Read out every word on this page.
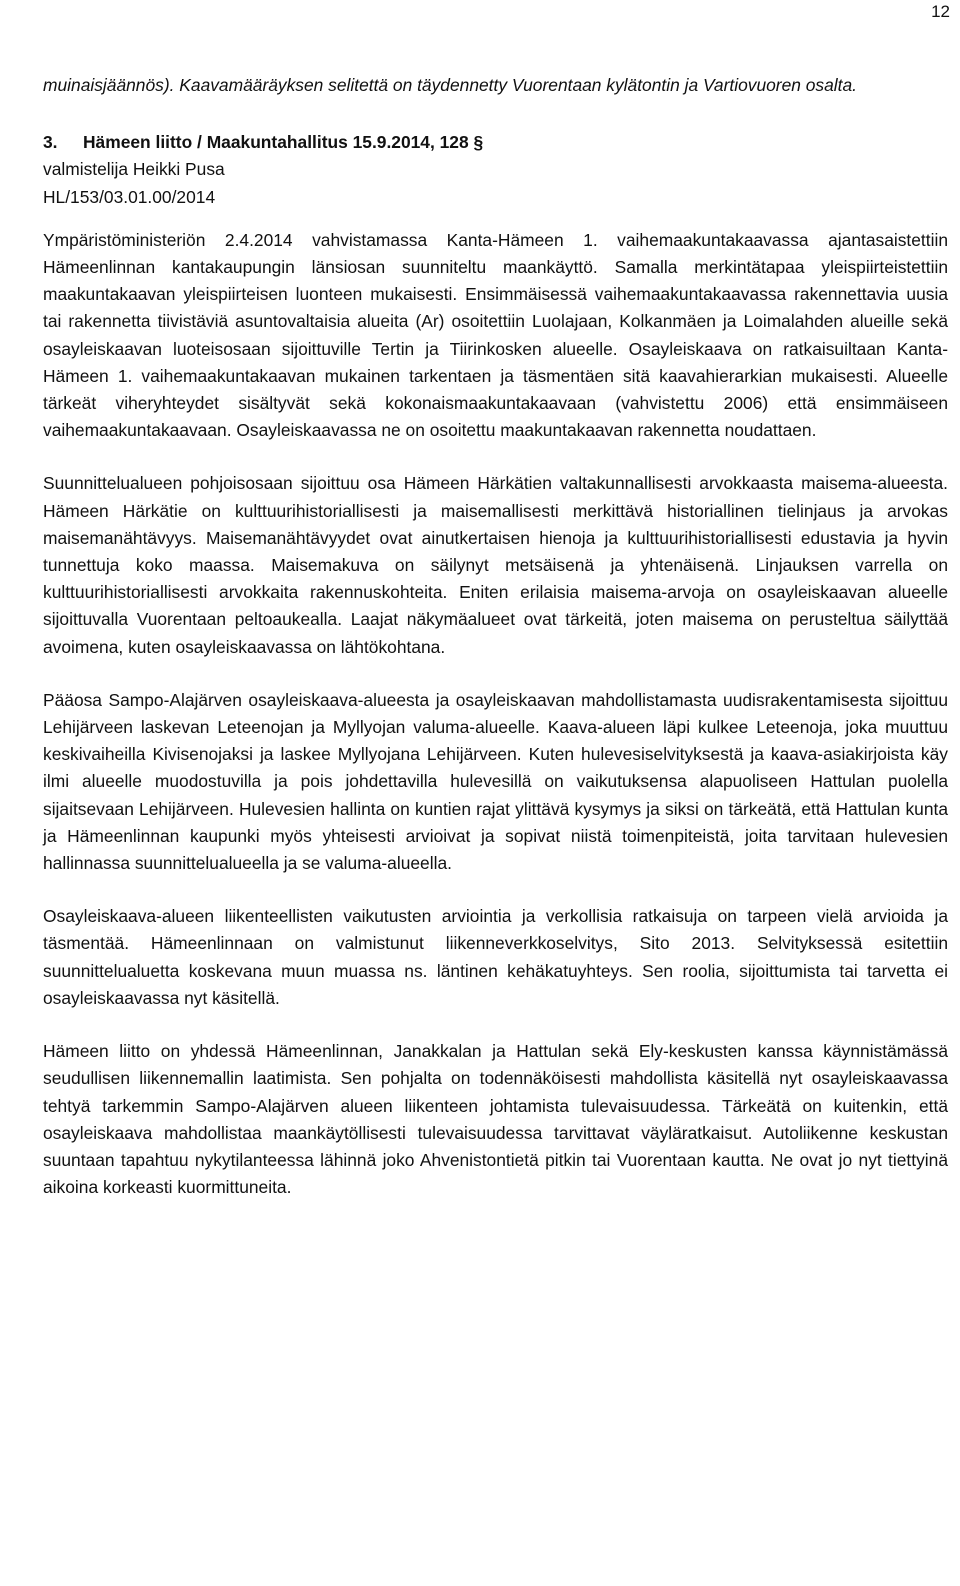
12

muinaisjäännös). Kaavamääräyksen selitettä on täydennetty Vuorentaan kylätontin ja Vartiovuoren osalta.

3.	Hämeen liitto / Maakuntahallitus 15.9.2014, 128 §
valmistelija Heikki Pusa
HL/153/03.01.00/2014

Ympäristöministeriön 2.4.2014 vahvistamassa Kanta-Hämeen 1. vaihemaakuntakaavassa ajantasaistettiin Hämeenlinnan kantakaupungin länsiosan suunniteltu maankäyttö. Samalla merkintätapaa yleispiirteistettiin maakuntakaavan yleispiirteisen luonteen mukaisesti. Ensimmäisessä vaihemaakuntakaavassa rakennettavia uusia tai rakennetta tiivistäviä asuntovaltaisia alueita (Ar) osoitettiin Luolajaan, Kolkanmäen ja Loimalahden alueille sekä osayleiskaavan luoteisosaan sijoittuville Tertin ja Tiirinkosken alueelle. Osayleiskaava on ratkaisuiltaan Kanta-Hämeen 1. vaihemaakuntakaavan mukainen tarkentaen ja täsmentäen sitä kaavahierarkian mukaisesti. Alueelle tärkeät viheryhteydet sisältyvät sekä kokonaismaakuntakaavaan (vahvistettu 2006) että ensimmäiseen vaihemaakuntakaavaan. Osayleiskaavassa ne on osoitettu maakuntakaavan rakennetta noudattaen.

Suunnittelualueen pohjoisosaan sijoittuu osa Hämeen Härkätien valtakunnallisesti arvokkaasta maisema-alueesta. Hämeen Härkätie on kulttuurihistoriallisesti ja maisemallisesti merkittävä historiallinen tielinjaus ja arvokas maisemanähtävyys. Maisemanähtävyydet ovat ainutkertaisen hienoja ja kulttuurihistoriallisesti edustavia ja hyvin tunnettuja koko maassa. Maisemakuva on säilynyt metsäisenä ja yhtenäisenä. Linjauksen varrella on kulttuurihistoriallisesti arvokkaita rakennuskohteita. Eniten erilaisia maisema-arvoja on osayleiskaavan alueelle sijoittuvalla Vuorentaan peltoaukealla. Laajat näkymäalueet ovat tärkeitä, joten maisema on perusteltua säilyttää avoimena, kuten osayleiskaavassa on lähtökohtana.

Pääosa Sampo-Alajärven osayleiskaava-alueesta ja osayleiskaavan mahdollistamasta uudisrakentamisesta sijoittuu Lehijärveen laskevan Leteenojan ja Myllyojan valuma-alueelle. Kaava-alueen läpi kulkee Leteenoja, joka muuttuu keskivaiheilla Kivisenojaksi ja laskee Myllyojana Lehijärveen. Kuten hulevesiselvityksestä ja kaava-asiakirjoista käy ilmi alueelle muodostuvilla ja pois johdettavilla hulevesillä on vaikutuksensa alapuoliseen Hattulan puolella sijaitsevaan Lehijärveen. Hulevesien hallinta on kuntien rajat ylittävä kysymys ja siksi on tärkeätä, että Hattulan kunta ja Hämeenlinnan kaupunki myös yhteisesti arvioivat ja sopivat niistä toimenpiteistä, joita tarvitaan hulevesien hallinnassa suunnittelualueella ja se valuma-alueella.

Osayleiskaava-alueen liikenteellisten vaikutusten arviointia ja verkollisia ratkaisuja on tarpeen vielä arvioida ja täsmentää. Hämeenlinnaan on valmistunut liikenneverkkoselvitys, Sito 2013. Selvityksessä esitettiin suunnittelualuetta koskevana muun muassa ns. läntinen kehäkatuyhteys. Sen roolia, sijoittumista tai tarvetta ei osayleiskaavassa nyt käsitellä.

Hämeen liitto on yhdessä Hämeenlinnan, Janakkalan ja Hattulan sekä Ely-keskusten kanssa käynnistämässä seudullisen liikennemallin laatimista. Sen pohjalta on todennäköisesti mahdollista käsitellä nyt osayleiskaavassa tehtyä tarkemmin Sampo-Alajärven alueen liikenteen johtamista tulevaisuudessa. Tärkeätä on kuitenkin, että osayleiskaava mahdollistaa maankäytöllisesti tulevaisuudessa tarvittavat väyläratkaisut. Autoliikenne keskustan suuntaan tapahtuu nykytilanteessa lähinnä joko Ahvenistontietä pitkin tai Vuorentaan kautta. Ne ovat jo nyt tiettyinä aikoina korkeasti kuormittuneita.
